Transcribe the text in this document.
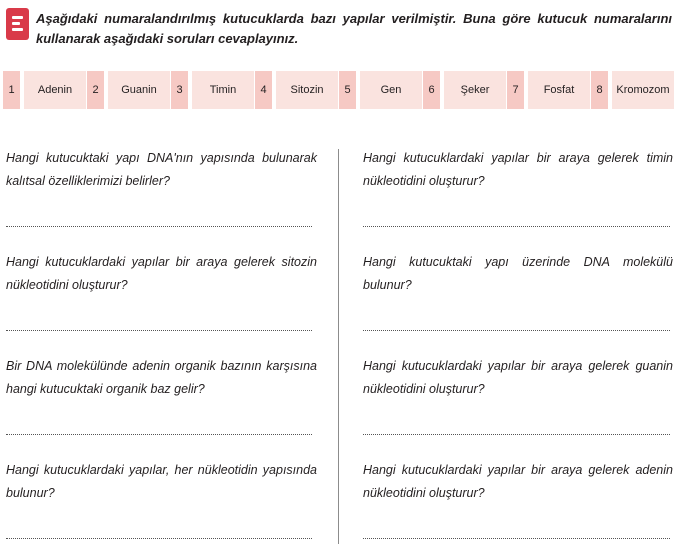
Aşağıdaki numaralandırılmış kutucuklarda bazı yapılar verilmiştir. Buna göre kutucuk numaralarını kullanarak aşağıdaki soruları cevaplayınız.
1	Adenin	2	Guanin	3	Timin	4	Sitozin	5	Gen	6	Şeker	7	Fosfat	8	Kromozom
Hangi kutucuktaki yapı DNA'nın yapısında bulunarak kalıtsal özelliklerimizi belirler?
Hangi kutucuklardaki yapılar bir araya gelerek sitozin nükleotidini oluşturur?
Bir DNA molekülünde adenin organik bazının karşısına hangi kutucuktaki organik baz gelir?
Hangi kutucuklardaki yapılar, her nükleotidin yapısında bulunur?
Hangi kutucuklardaki yapılar bir araya gelerek timin nükleotidini oluşturur?
Hangi kutucuktaki yapı üzerinde DNA molekülü bulunur?
Hangi kutucuklardaki yapılar bir araya gelerek guanin nükleotidini oluşturur?
Hangi kutucuklardaki yapılar bir araya gelerek adenin nükleotidini oluşturur?
